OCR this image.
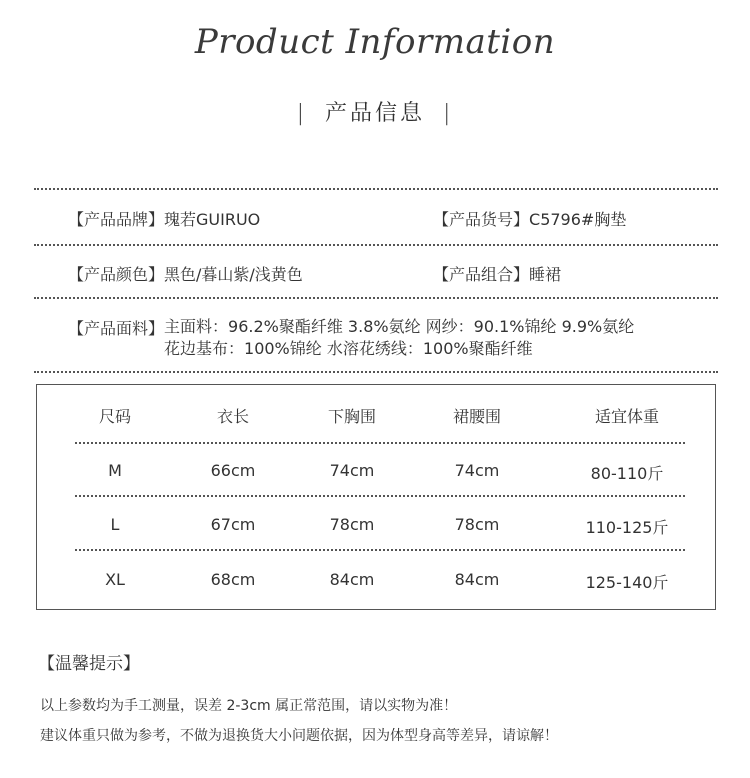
Product Information
| 产品信息 |
【产品品牌】瑰若GUIRUO	【产品货号】C5796#胸垫
【产品颜色】黑色/暮山紫/浅黄色	【产品组合】睡裙
【产品面料】 主面料：96.2%聚酯纤维 3.8%氨纶 网纱：90.1%锦纶 9.9%氨纶
花边基布：100%锦纶 水溶花绣线：100%聚酯纤维
尺码	衣长	下胸围	裙腰围	适宜体重
M	66cm	74cm	74cm	80-110斤
L	67cm	78cm	78cm	110-125斤
XL	68cm	84cm	84cm	125-140斤
【温馨提示】
以上参数均为手工测量，误差 2-3cm 属正常范围，请以实物为准！
建议体重只做为参考，不做为退换货大小问题依据，因为体型身高等差异，请谅解！
